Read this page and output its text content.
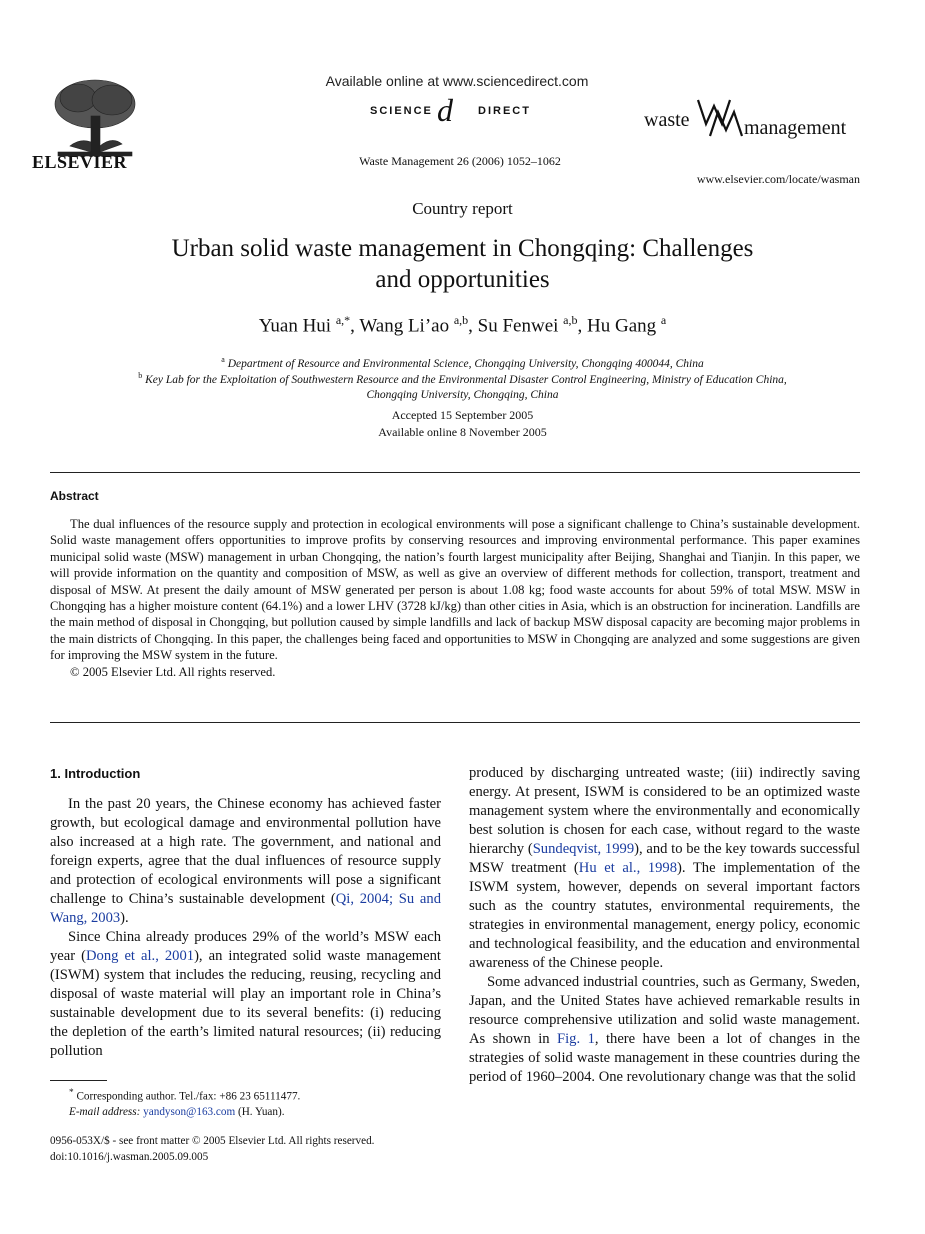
ELSEVIER
Available online at www.sciencedirect.com
SCIENCE d DIRECT
Waste Management 26 (2006) 1052–1062
waste	management
www.elsevier.com/locate/wasman
Country report
Urban solid waste management in Chongqing: Challenges
and opportunities
Yuan Hui $^{a,*}$, Wang Li’ao $^{a,b}$, Su Fenwei $^{a,b}$, Hu Gang $^a$
$^a$ Department of Resource and Environmental Science, Chongqing University, Chongqing 400044, China
$^b$ Key Lab for the Exploitation of Southwestern Resource and the Environmental Disaster Control Engineering, Ministry of Education China,
Chongqing University, Chongqing, China
Accepted 15 September 2005
Available online 8 November 2005
Abstract

The dual influences of the resource supply and protection in ecological environments will pose a significant challenge to China’s sustainable development. Solid waste management offers opportunities to improve profits by conserving resources and improving environmental performance. This paper examines municipal solid waste (MSW) management in urban Chongqing, the nation’s fourth largest municipality after Beijing, Shanghai and Tianjin. In this paper, we will provide information on the quantity and composition of MSW, as well as give an overview of different methods for collection, transport, treatment and disposal of MSW. At present the daily amount of MSW generated per person is about 1.08 kg; food waste accounts for about 59% of total MSW. MSW in Chongqing has a higher moisture content (64.1%) and a lower LHV (3728 kJ/kg) than other cities in Asia, which is an obstruction for incineration. Landfills are the main method of disposal in Chongqing, but pollution caused by simple landfills and lack of backup MSW disposal capacity are becoming major problems in the main districts of Chongqing. In this paper, the challenges being faced and opportunities to MSW in Chongqing are analyzed and some suggestions are given for improving the MSW system in the future.

© 2005 Elsevier Ltd. All rights reserved.

1. Introduction

In the past 20 years, the Chinese economy has achieved faster growth, but ecological damage and environmental pollution have also increased at a high rate. The government, and national and foreign experts, agree that the dual influences of resource supply and protection of ecological environments will pose a significant challenge to China’s sustainable development (Qi, 2004; Su and Wang, 2003).

Since China already produces 29% of the world’s MSW each year (Dong et al., 2001), an integrated solid waste management (ISWM) system that includes the reducing, reusing, recycling and disposal of waste material will play an important role in China’s sustainable development due to its several benefits: (i) reducing the depletion of the earth’s limited natural resources; (ii) reducing pollution

produced by discharging untreated waste; (iii) indirectly saving energy. At present, ISWM is considered to be an optimized waste management system where the environmentally and economically best solution is chosen for each case, without regard to the waste hierarchy (Sundeqvist, 1999), and to be the key towards successful MSW treatment (Hu et al., 1998). The implementation of the ISWM system, however, depends on several important factors such as the country statutes, environmental requirements, the strategies in environmental management, energy policy, economic and technological feasibility, and the education and environmental awareness of the Chinese people.

Some advanced industrial countries, such as Germany, Sweden, Japan, and the United States have achieved remarkable results in resource comprehensive utilization and solid waste management. As shown in Fig. 1, there have been a lot of changes in the strategies of solid waste management in these countries during the period of 1960–2004. One revolutionary change was that the solid

* Corresponding author. Tel./fax: +86 23 65111477.
E-mail address: yandyson@163.com (H. Yuan).
0956-053X/$ - see front matter © 2005 Elsevier Ltd. All rights reserved.
doi:10.1016/j.wasman.2005.09.005
